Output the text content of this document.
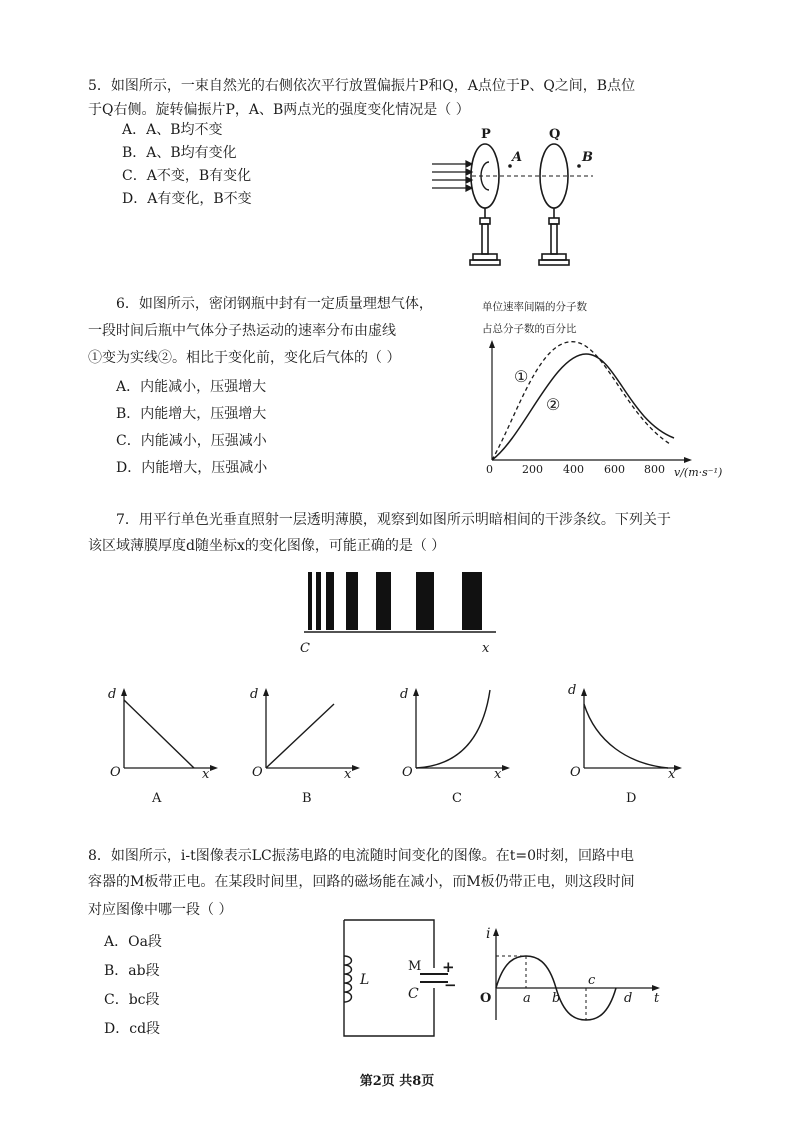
5．如图所示，一束自然光的右侧依次平行放置偏振片P和Q，A点位于P、Q之间，B点位
于Q右侧。旋转偏振片P，A、B两点光的强度变化情况是（ ）
A．A、B均不变
B．A、B均有变化
C．A不变，B有变化
D．A有变化，B不变
P	Q
A	B
6．如图所示，密闭钢瓶中封有一定质量理想气体，
一段时间后瓶中气体分子热运动的速率分布由虚线
①变为实线②。相比于变化前，变化后气体的（ ）
A．内能减小，压强增大
B．内能增大，压强增大
C．内能减小，压强减小
D．内能增大，压强减小
单位速率间隔的分子数
占总分子数的百分比
①
②
0	200 400 600 800 v/(m·s⁻¹)
7．用平行单色光垂直照射一层透明薄膜，观察到如图所示明暗相间的干涉条纹。下列关于
该区域薄膜厚度d随坐标x的变化图像，可能正确的是（ ）
C	x
d
O	x
A
d
O	x
B
d
O	x
C
d
O	x
D
8．如图所示，i-t图像表示LC振荡电路的电流随时间变化的图像。在t=0时刻，回路中电
容器的M板带正电。在某段时间里，回路的磁场能在减小，而M板仍带正电，则这段时间
对应图像中哪一段（ ）
A．Oa段
B．ab段
C．bc段
D．cd段
L
M
C
+
−
i
O a b
c
d t
第2页 共8页
